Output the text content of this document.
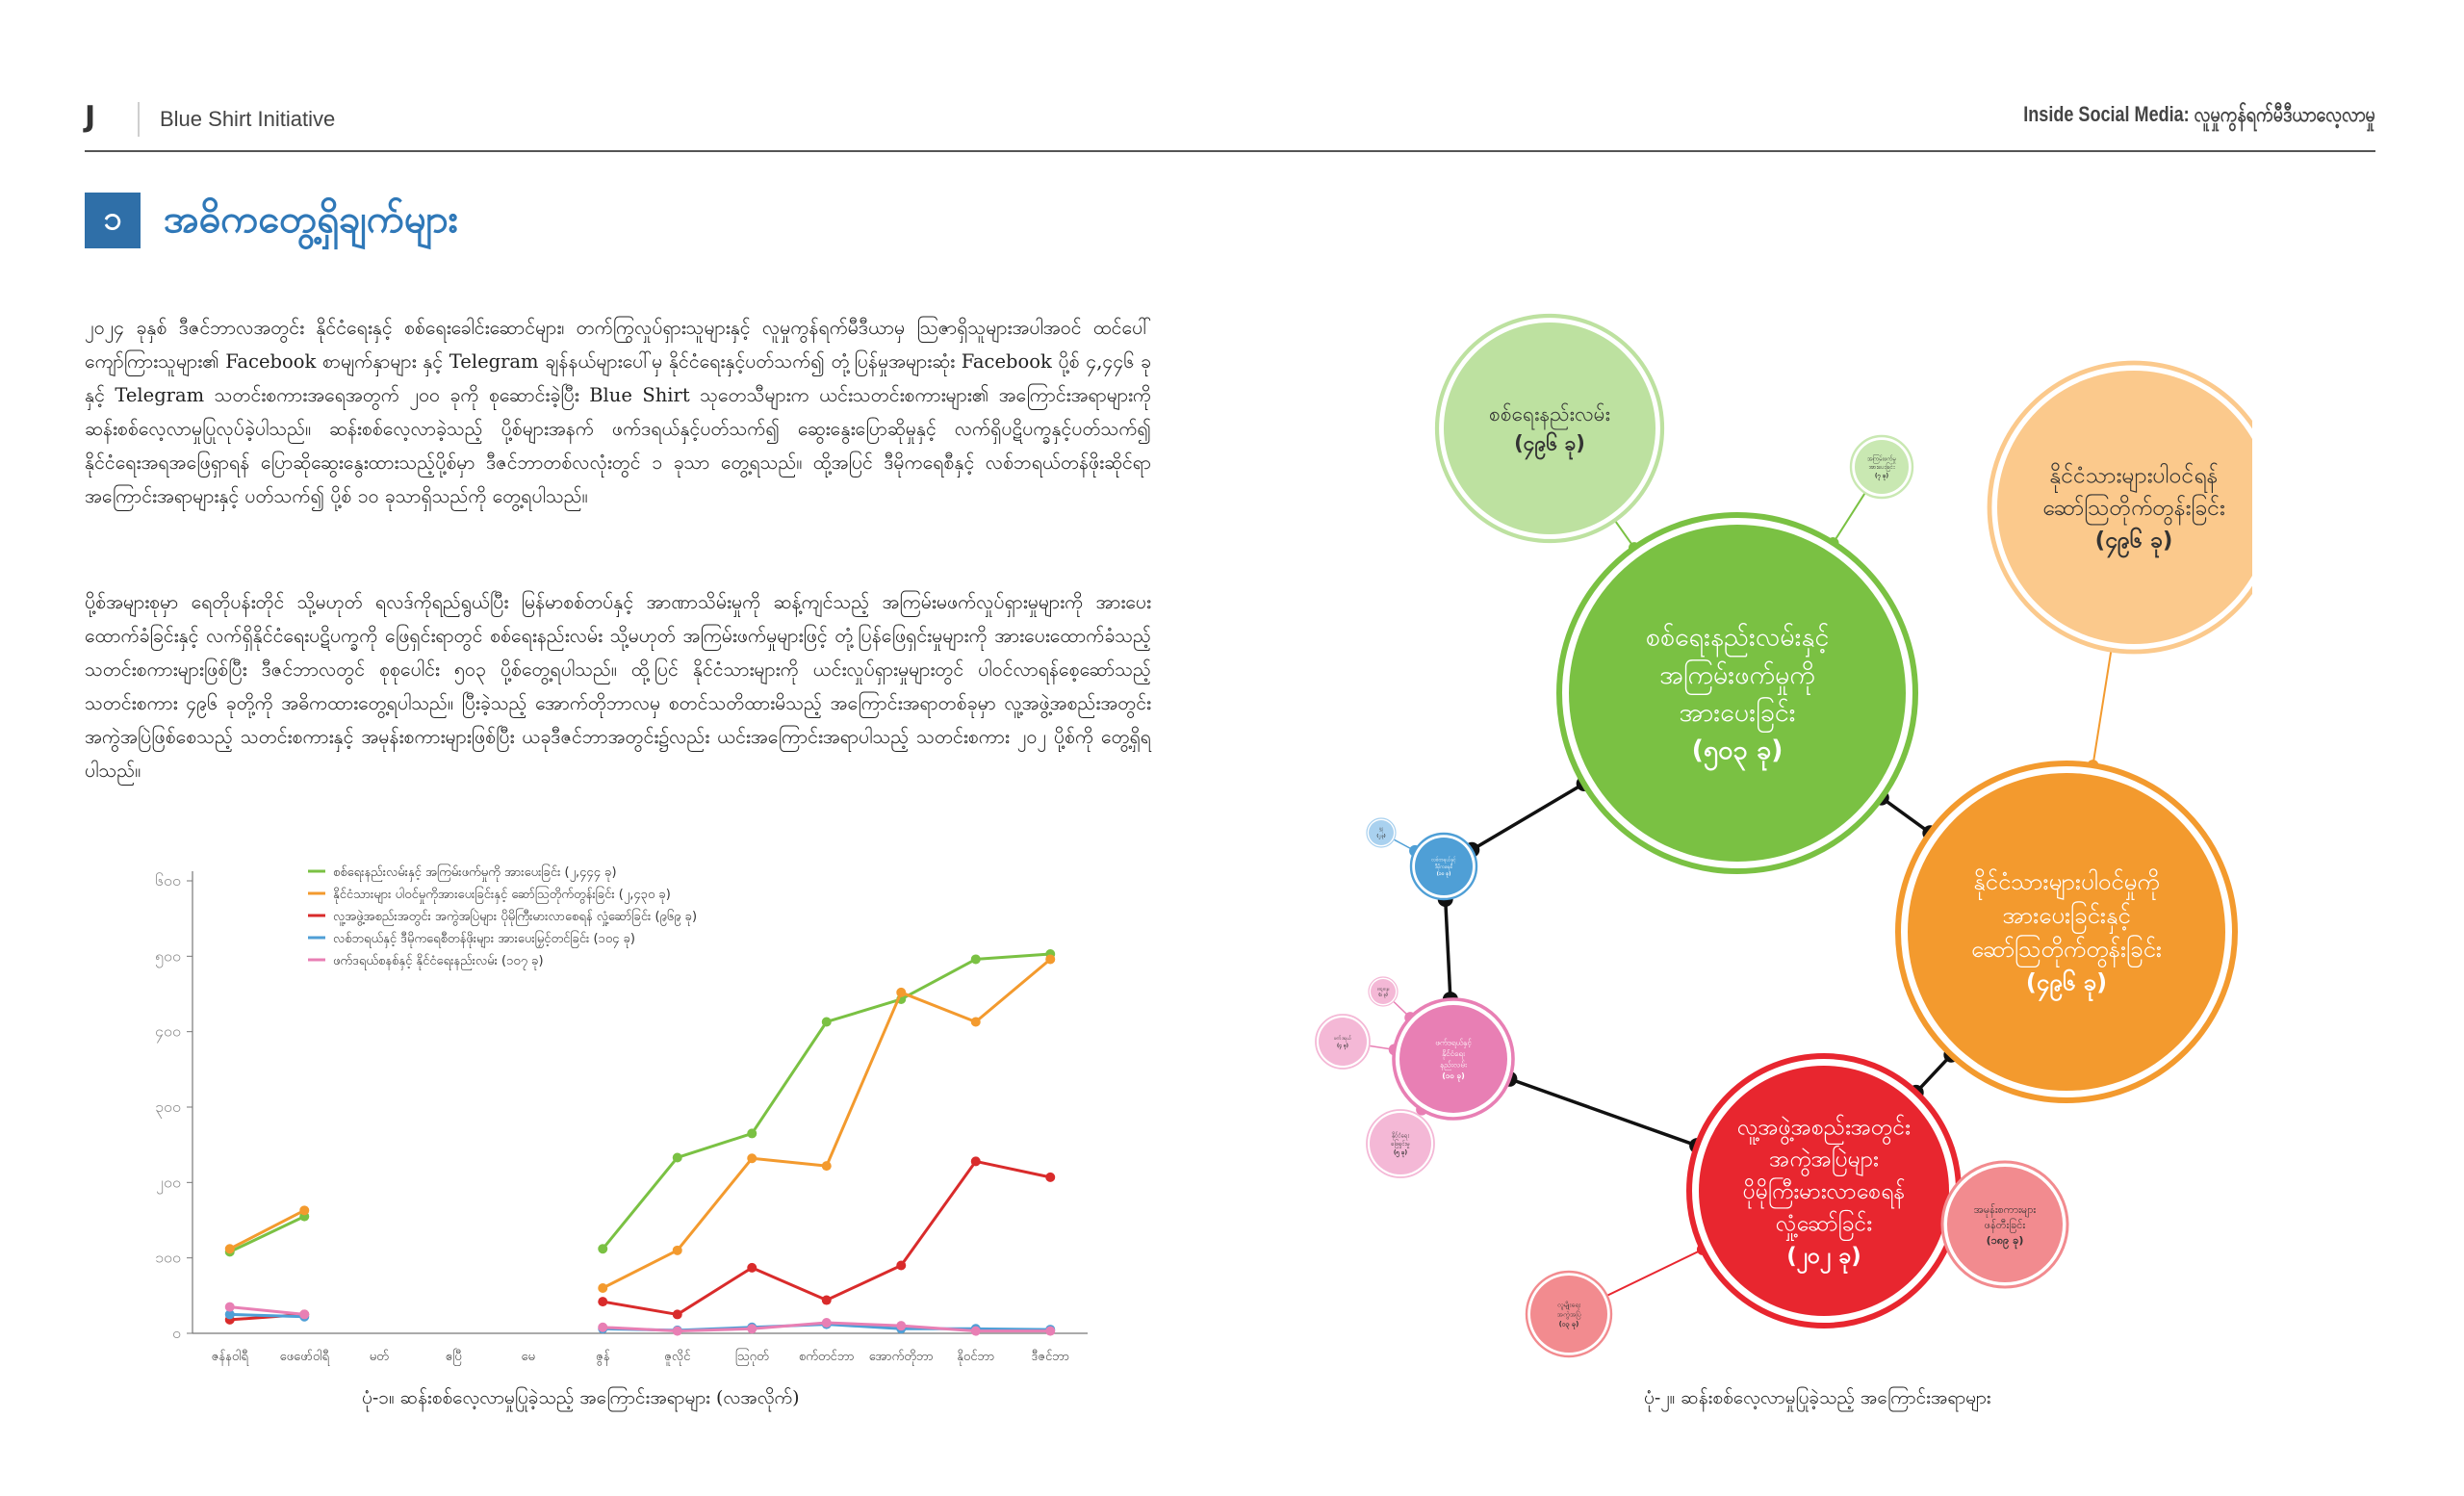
J	Blue Shirt Initiative	Inside Social Media: လူမှုကွန်ရက်မီဒီယာလေ့လာမှု
၁	အဓိကတွေ့ရှိချက်များ
၂၀၂၄ ခုနှစ် ဒီဇင်ဘာလအတွင်း နိုင်ငံရေးနှင့် စစ်ရေးခေါင်းဆောင်များ၊ တက်ကြွလှုပ်ရှားသူများနှင့် လူမှုကွန်ရက်မီဒီယာမှ သြဇာရှိသူများအပါအဝင် ထင်ပေါ်ကျော်ကြားသူများ၏ Facebook စာမျက်နှာများ နှင့် Telegram ချန်နယ်များပေါ်မှ နိုင်ငံရေးနှင့်ပတ်သက်၍ တုံ့ပြန်မှုအများဆုံး Facebook ပို့စ် ၄,၄၄၆ ခုနှင့် Telegram သတင်းစကားအရေအတွက် ၂၀၀ ခုကို စုဆောင်းခဲ့ပြီး Blue Shirt သုတေသီများက ယင်းသတင်းစကားများ၏ အကြောင်းအရာများကို ဆန်းစစ်လေ့လာမှုပြုလုပ်ခဲ့ပါသည်။ ဆန်းစစ်လေ့လာခဲ့သည့် ပို့စ်များအနက် ဖက်ဒရယ်နှင့်ပတ်သက်၍ ဆွေးနွေးပြောဆိုမှုနှင့် လက်ရှိပဋိပက္ခနှင့်ပတ်သက်၍ နိုင်ငံရေးအရအဖြေရှာရန် ပြောဆိုဆွေးနွေးထားသည့်ပို့စ်မှာ ဒီဇင်ဘာတစ်လလုံးတွင် ၁ ခုသာ တွေ့ရသည်။ ထို့အပြင် ဒီမိုကရေစီနှင့် လစ်ဘရယ်တန်ဖိုးဆိုင်ရာအကြောင်းအရာများနှင့် ပတ်သက်၍ ပို့စ် ၁၀ ခုသာရှိသည်ကို တွေ့ရပါသည်။
ပို့စ်အများစုမှာ ရေတိုပန်းတိုင် သို့မဟုတ် ရလဒ်ကိုရည်ရွယ်ပြီး မြန်မာစစ်တပ်နှင့် အာဏာသိမ်းမှုကို ဆန့်ကျင်သည့် အကြမ်းမဖက်လှုပ်ရှားမှုများကို အားပေးထောက်ခံခြင်းနှင့် လက်ရှိနိုင်ငံရေးပဋိပက္ခကို ဖြေရှင်းရာတွင် စစ်ရေးနည်းလမ်း သို့မဟုတ် အကြမ်းဖက်မှုများဖြင့် တုံ့ပြန်ဖြေရှင်းမှုများကို အားပေးထောက်ခံသည့် သတင်းစကားများဖြစ်ပြီး ဒီဇင်ဘာလတွင် စုစုပေါင်း ၅၀၃ ပို့စ်တွေ့ရပါသည်။ ထို့ပြင် နိုင်ငံသားများကို ယင်းလှုပ်ရှားမှုများတွင် ပါဝင်လာရန်စေ့ဆော်သည့် သတင်းစကား ၄၉၆ ခုတို့ကို အဓိကထားတွေ့ရပါသည်။ ပြီးခဲ့သည့် အောက်တိုဘာလမှ စတင်သတိထားမိသည့် အကြောင်းအရာတစ်ခုမှာ လူ့အဖွဲ့အစည်းအတွင်း အကွဲအပြဲဖြစ်စေသည့် သတင်းစကားနှင့် အမုန်းစကားများဖြစ်ပြီး ယခုဒီဇင်ဘာအတွင်း၌လည်း ယင်းအကြောင်းအရာပါသည့် သတင်းစကား ၂၀၂ ပို့စ်ကို တွေ့ရှိရပါသည်။
၀
၁၀၀
၂၀၀
၃၀၀
၄၀၀
၅၀၀
၆၀၀
ဇန်နဝါရီ	ဖေဖော်ဝါရီ	မတ်	ဧပြီ	မေ	ဇွန်	ဇူလိုင်	ဩဂုတ် စက်တင်ဘာ အောက်တိုဘာ နိုဝင်ဘာ	ဒီဇင်ဘာ
စစ်ရေးနည်းလမ်းနှင့် အကြမ်းဖက်မှုကို အားပေးခြင်း (၂,၄၄၄ ခု)
နိုင်ငံသားများ ပါဝင်မှုကိုအားပေးခြင်းနှင့် ဆော်ဩတိုက်တွန်းခြင်း (၂,၄၃၀ ခု)
လူ့အဖွဲ့အစည်းအတွင်း အကွဲအပြဲများ ပိုမိုကြီးမားလာစေရန် လှုံ့ဆော်ခြင်း (၉၆၉ ခု)
လစ်ဘရယ်နှင့် ဒီမိုကရေစီတန်ဖိုးများ အားပေးမြှင့်တင်ခြင်း (၁၀၄ ခု)
ဖက်ဒရယ်စနစ်နှင့် နိုင်ငံရေးနည်းလမ်း (၁၀၇ ခု)
ပုံ-၁။ ဆန်းစစ်လေ့လာမှုပြုခဲ့သည့် အကြောင်းအရာများ (လအလိုက်)
စစ်ရေးနည်းလမ်းနှင့်
အကြမ်းဖက်မှုကို
အားပေးခြင်း
(၅၀၃ ခု)
စစ်ရေးနည်းလမ်း
(၄၉၆ ခု)
အကြမ်းဖက်မှု
အားပေးခြင်း
(၇ ခု)
နိုင်ငံသားများပါဝင်မှုကို
အားပေးခြင်းနှင့်
ဆော်ဩတိုက်တွန်းခြင်း
(၄၉၆ ခု)
နိုင်ငံသားများပါဝင်ရန်
ဆော်ဩတိုက်တွန်းခြင်း
(၄၉၆ ခု)
လူ့အဖွဲ့အစည်းအတွင်း
အကွဲအပြဲများ
ပိုမိုကြီးမားလာစေရန်
လှုံ့ဆော်ခြင်း
(၂၀၂ ခု)
အမုန်းစကားများ
ဖန်တီးခြင်း
(၁၈၉ ခု)
လူမျိုးရေး
အကွဲအပြဲ
(၁၃ ခု)
ဖက်ဒရယ်နှင့်
နိုင်ငံရေး
နည်းလမ်း
(၁၀ ခု)
ဖက်ဒရယ်
(၄ ခု)
နိုင်ငံရေး
ဖြေရှင်းမှု
(၅ ခု)
ဆွေးနွေး
(၁ ခု)
လစ်ဘရယ်နှင့်
ဒီမိုကရေစီ
(၁၀ ခု)
ဒီမို
(၂ ခု)
ပုံ-၂။ ဆန်းစစ်လေ့လာမှုပြုခဲ့သည့် အကြောင်းအရာများ
